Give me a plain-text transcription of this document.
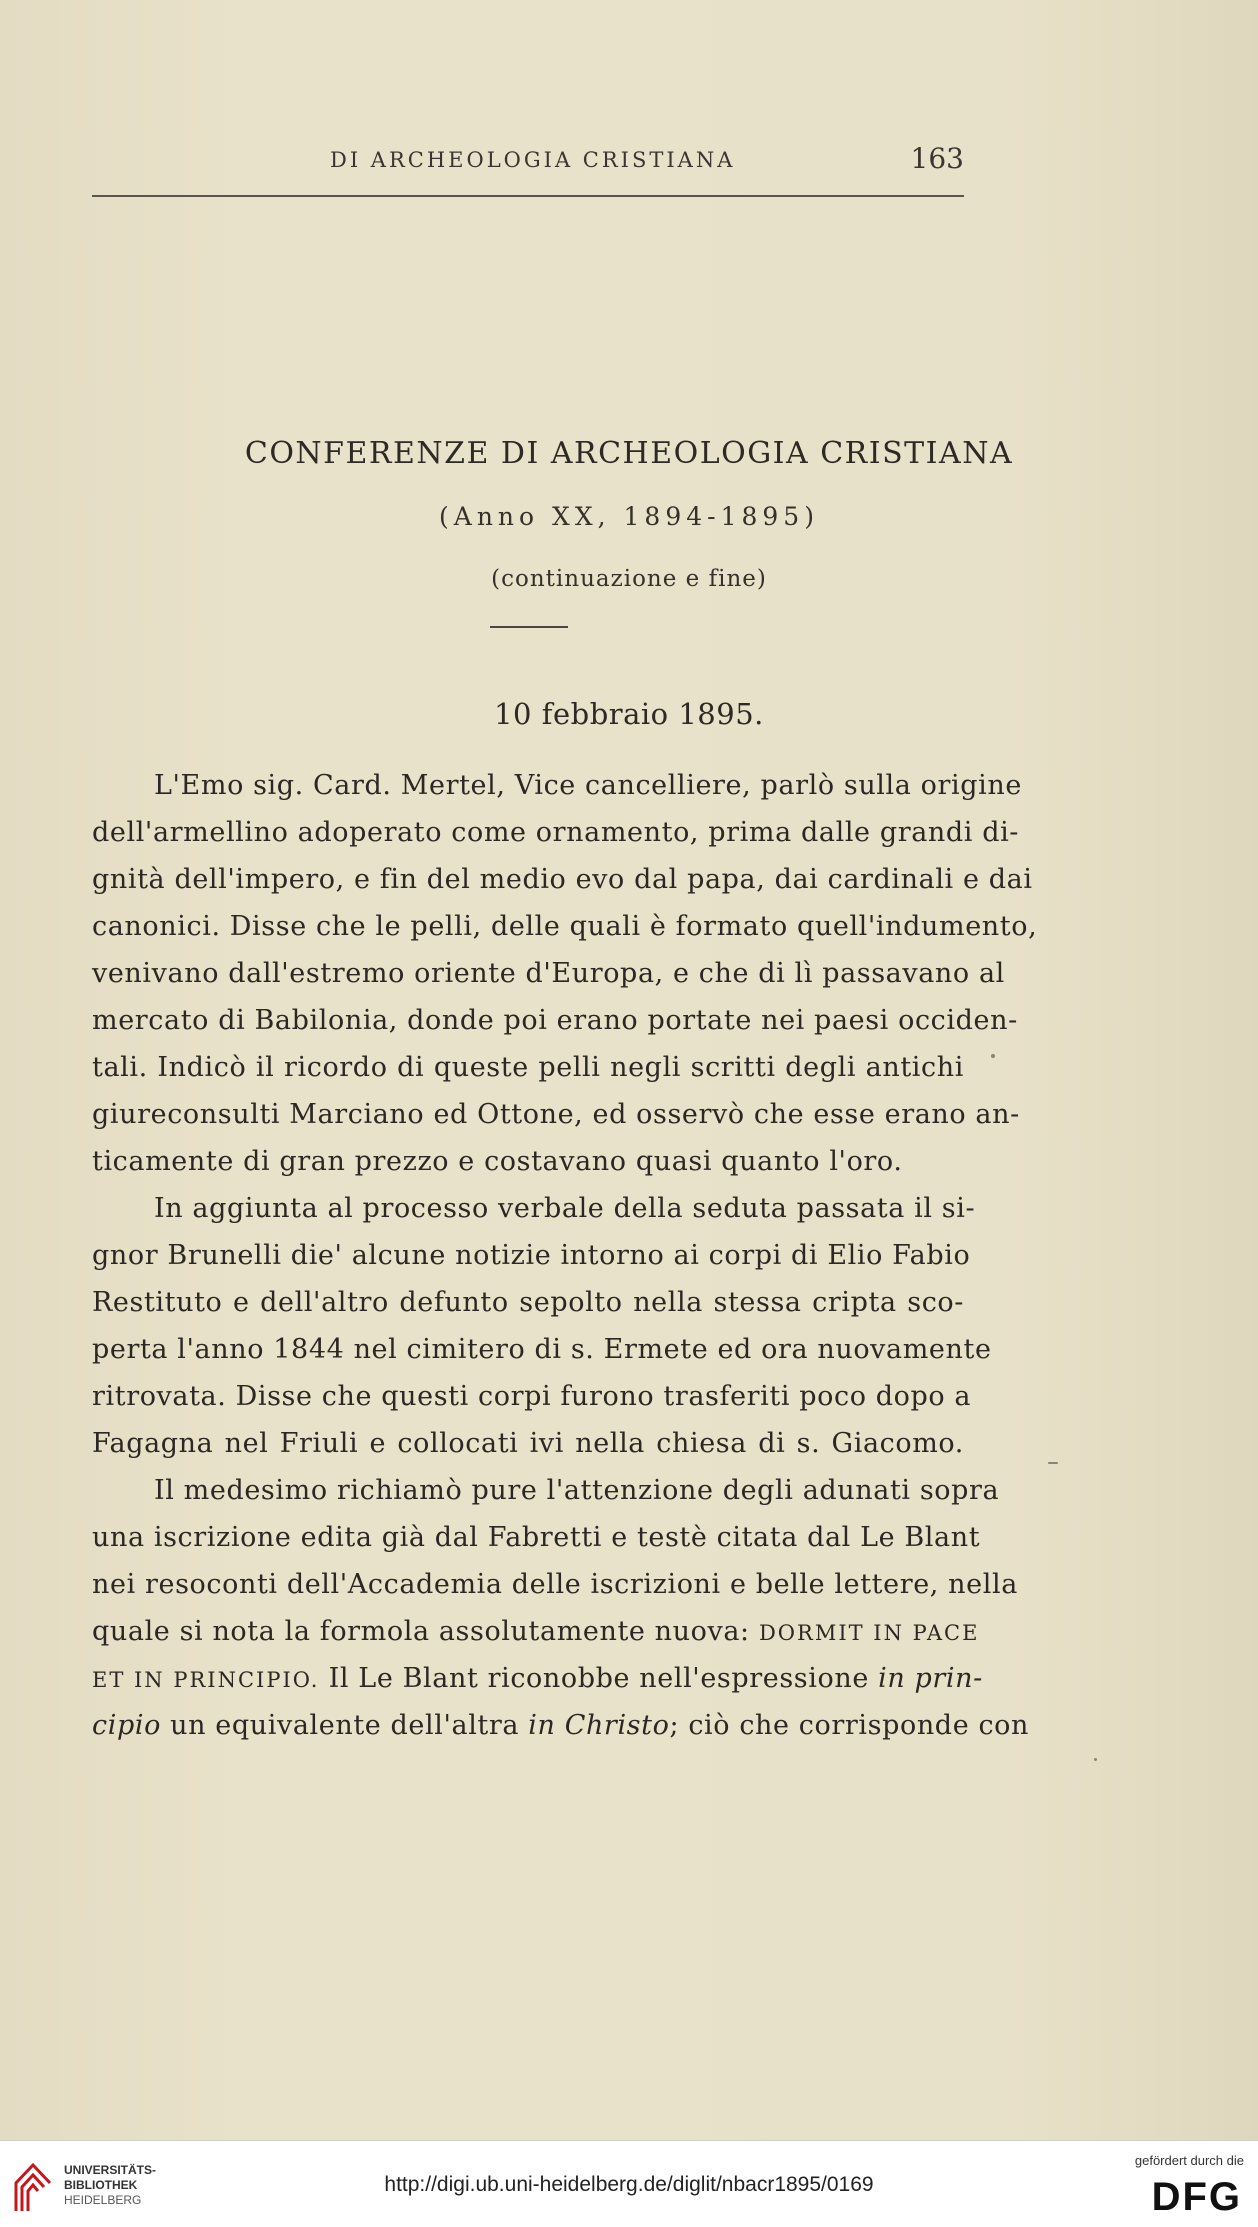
DI ARCHEOLOGIA CRISTIANA	163
CONFERENZE DI ARCHEOLOGIA CRISTIANA
(Anno XX, 1894-1895)
(continuazione e fine)
10 febbraio 1895.
L'Emo sig. Card. Mertel, Vice cancelliere, parlò sulla origine
dell'armellino adoperato come ornamento, prima dalle grandi di-
gnità dell'impero, e fin del medio evo dal papa, dai cardinali e dai
canonici. Disse che le pelli, delle quali è formato quell'indumento,
venivano dall'estremo oriente d'Europa, e che di lì passavano al
mercato di Babilonia, donde poi erano portate nei paesi occiden-
tali. Indicò il ricordo di queste pelli negli scritti degli antichi
giureconsulti Marciano ed Ottone, ed osservò che esse erano an-
ticamente di gran prezzo e costavano quasi quanto l'oro.
In aggiunta al processo verbale della seduta passata il si-
gnor Brunelli die' alcune notizie intorno ai corpi di Elio Fabio
Restituto e dell'altro defunto sepolto nella stessa cripta sco-
perta l'anno 1844 nel cimitero di s. Ermete ed ora nuovamente
ritrovata. Disse che questi corpi furono trasferiti poco dopo a
Fagagna nel Friuli e collocati ivi nella chiesa di s. Giacomo.
Il medesimo richiamò pure l'attenzione degli adunati sopra
una iscrizione edita già dal Fabretti e testè citata dal Le Blant
nei resoconti dell'Accademia delle iscrizioni e belle lettere, nella
quale si nota la formola assolutamente nuova: DORMIT IN PACE
ET IN PRINCIPIO. Il Le Blant riconobbe nell'espressione in prin-
cipio un equivalente dell'altra in Christo; ciò che corrisponde con
UNIVERSITÄTS-
BIBLIOTHEK
HEIDELBERG
http://digi.ub.uni-heidelberg.de/diglit/nbacr1895/0169
gefördert durch die
DFG
